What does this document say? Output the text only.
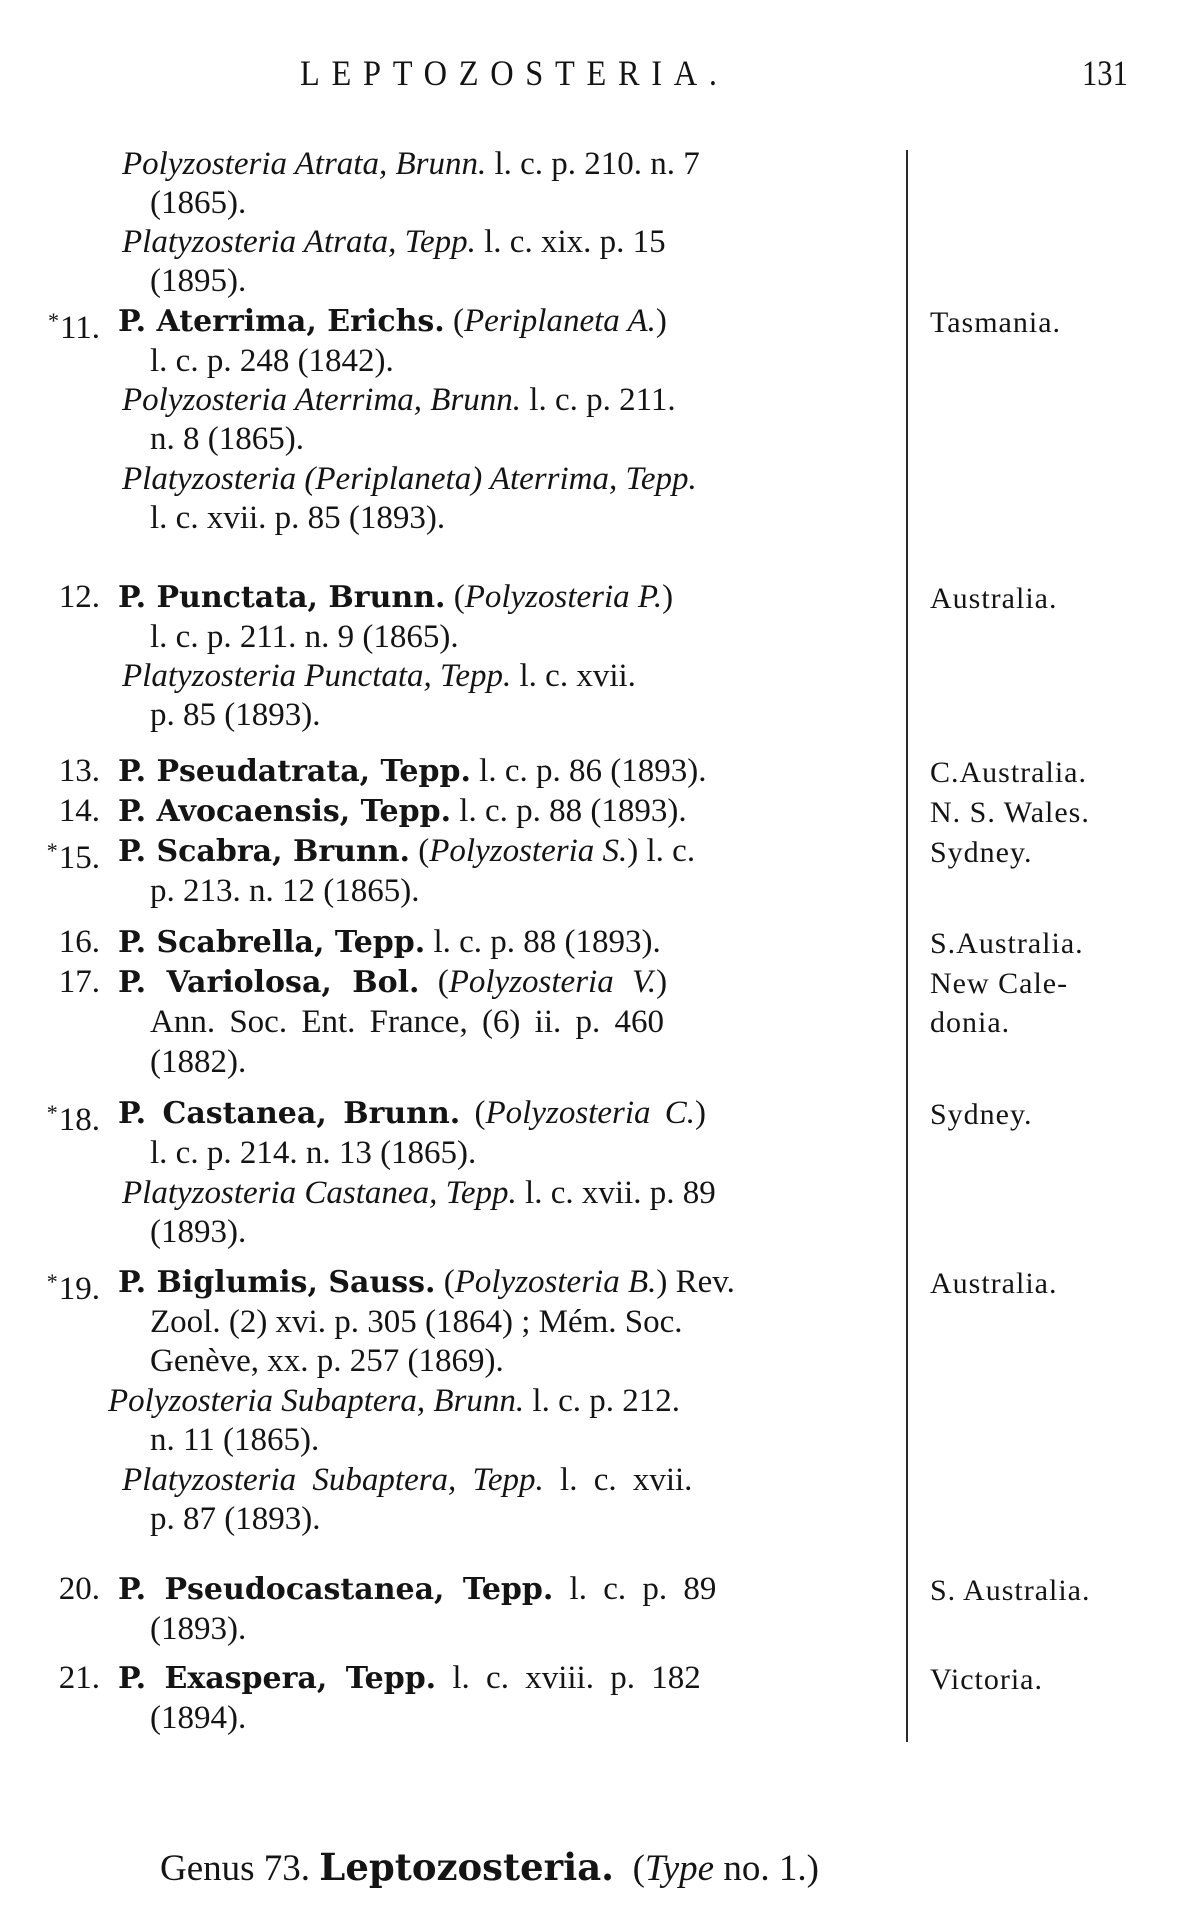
LEPTOZOSTERIA.	131
Polyzosteria Atrata, Brunn. l. c. p. 210. n. 7
(1865).
Platyzosteria Atrata, Tepp. l. c. xix. p. 15
(1895).
*11. P. Aterrima, Erichs. (Periplaneta A.)	Tasmania.
l. c. p. 248 (1842).
Polyzosteria Aterrima, Brunn. l. c. p. 211.
n. 8 (1865).
Platyzosteria (Periplaneta) Aterrima, Tepp.
l. c. xvii. p. 85 (1893).
12. P. Punctata, Brunn. (Polyzosteria P.)	Australia.
l. c. p. 211. n. 9 (1865).
Platyzosteria Punctata, Tepp. l. c. xvii.
p. 85 (1893).
13. P. Pseudatrata, Tepp. l. c. p. 86 (1893).	C.Australia.
14. P. Avocaensis, Tepp. l. c. p. 88 (1893).	N. S. Wales.
*15. P. Scabra, Brunn. (Polyzosteria S.) l. c.	Sydney.
p. 213. n. 12 (1865).
16. P. Scabrella, Tepp. l. c. p. 88 (1893).	S.Australia.
17. P. Variolosa, Bol. (Polyzosteria V.)	New Cale-
Ann. Soc. Ent. France, (6) ii. p. 460	donia.
(1882).
*18. P. Castanea, Brunn. (Polyzosteria C.)	Sydney.
l. c. p. 214. n. 13 (1865).
Platyzosteria Castanea, Tepp. l. c. xvii. p. 89
(1893).
*19. P. Biglumis, Sauss. (Polyzosteria B.) Rev.	Australia.
Zool. (2) xvi. p. 305 (1864) ; Mém. Soc.
Genève, xx. p. 257 (1869).
Polyzosteria Subaptera, Brunn. l. c. p. 212.
n. 11 (1865).
Platyzosteria Subaptera, Tepp. l. c. xvii.
p. 87 (1893).
20. P. Pseudocastanea, Tepp. l. c. p. 89	S. Australia.
(1893).
21. P. Exaspera, Tepp. l. c. xviii. p. 182	Victoria.
(1894).
Genus 73. Leptozosteria. (Type no. 1.)
